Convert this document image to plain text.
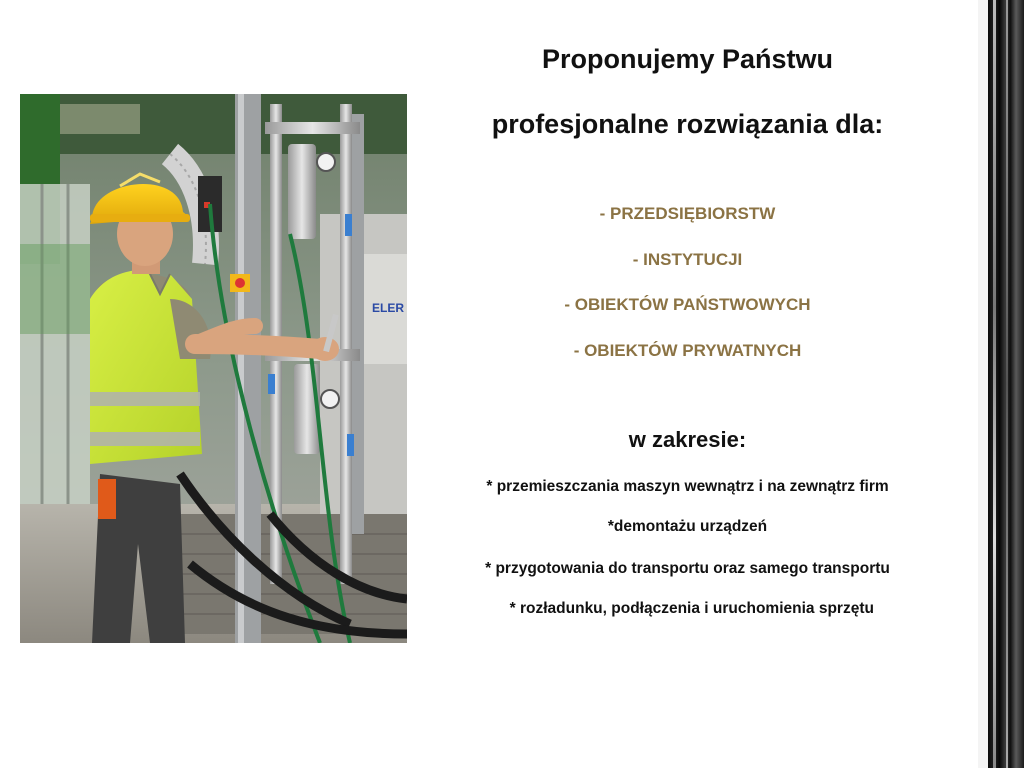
ELER
Proponujemy Państwu
profesjonalne rozwiązania dla:
- PRZEDSIĘBIORSTW
- INSTYTUCJI
- OBIEKTÓW PAŃSTWOWYCH
- OBIEKTÓW PRYWATNYCH
w zakresie:
* przemieszczania maszyn wewnątrz i na zewnątrz firm
*demontażu urządzeń
* przygotowania do transportu oraz samego transportu
* rozładunku, podłączenia i uruchomienia sprzętu
